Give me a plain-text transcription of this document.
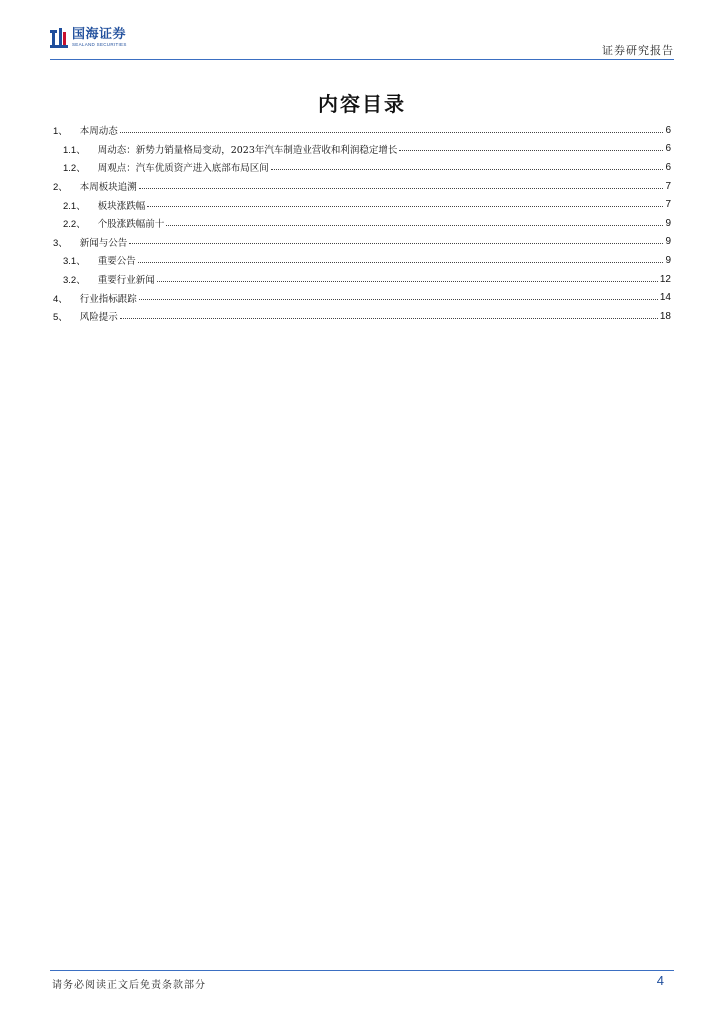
国海证券
SEALAND SECURITIES	证券研究报告
内容目录
1、 本周动态	6
1.1、 周动态：新势力销量格局变动，2023年汽车制造业营收和利润稳定增长	6
1.2、 周观点：汽车优质资产进入底部布局区间	6
2、 本周板块追溯	7
2.1、 板块涨跌幅	7
2.2、 个股涨跌幅前十	9
3、 新闻与公告	9
3.1、 重要公告	9
3.2、 重要行业新闻	12
4、 行业指标跟踪	14
5、 风险提示	18
请务必阅读正文后免责条款部分	4
